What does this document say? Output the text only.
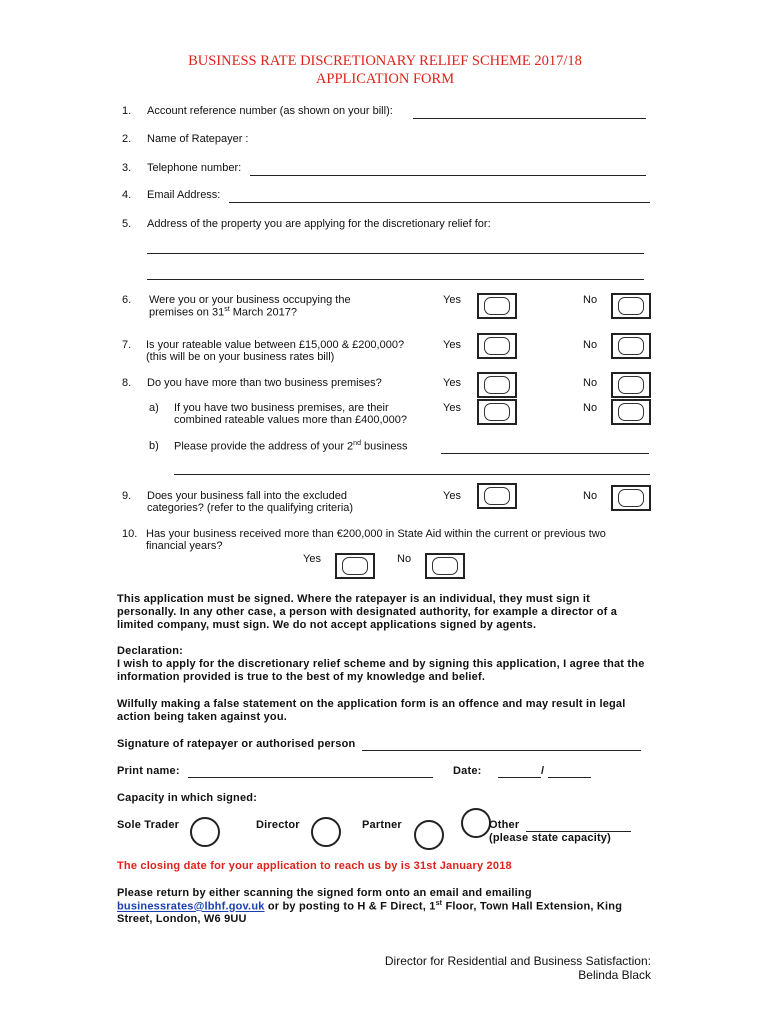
BUSINESS RATE DISCRETIONARY RELIEF SCHEME 2017/18
APPLICATION FORM
1.	Account reference number (as shown on your bill):
2.	Name of Ratepayer :
3.	Telephone number:
4.	Email Address:
5.	Address of the property you are applying for the discretionary relief for:
6.	Were you or your business occupying the
premises on 31st March 2017?
Yes	No
7.	Is your rateable value between £15,000 & £200,000?
(this will be on your business rates bill)
Yes	No
8.	Do you have more than two business premises?	Yes	No
a) If you have two business premises, are their
combined rateable values more than £400,000?
Yes	No
b) Please provide the address of your 2nd business
9.	Does your business fall into the excluded
categories? (refer to the qualifying criteria)
Yes	No
10. Has your business received more than €200,000 in State Aid within the current or previous two
financial years?
Yes	No
This application must be signed. Where the ratepayer is an individual, they must sign it
personally. In any other case, a person with designated authority, for example a director of a
limited company, must sign. We do not accept applications signed by agents.
Declaration:
I wish to apply for the discretionary relief scheme and by signing this application, I agree that the
information provided is true to the best of my knowledge and belief.
Wilfully making a false statement on the application form is an offence and may result in legal
action being taken against you.
Signature of ratepayer or authorised person
Print name:	Date:	/
Capacity in which signed:
Sole Trader	Director	Partner	Other
(please state capacity)
The closing date for your application to reach us by is 31st January 2018
Please return by either scanning the signed form onto an email and emailing
businessrates@lbhf.gov.uk or by posting to H & F Direct, 1st Floor, Town Hall Extension, King
Street, London, W6 9UU
Director for Residential and Business Satisfaction:
Belinda Black
